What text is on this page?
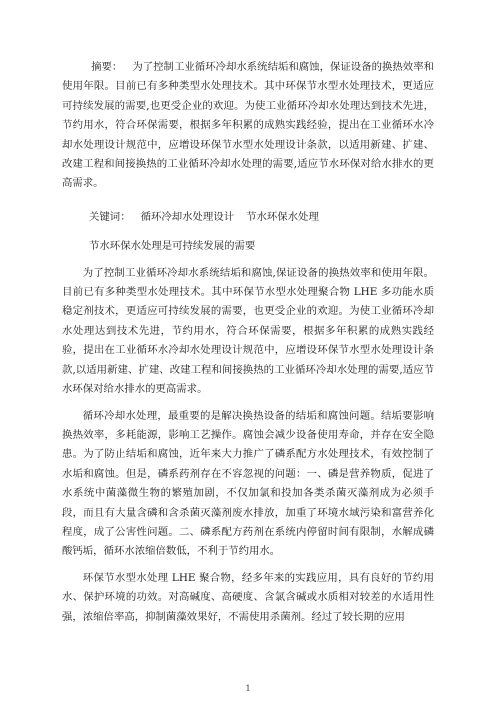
摘要： 为了控制工业循环冷却水系统结垢和腐蚀，保证设备的换热效率和使用年限。目前已有多种类型水处理技术。其中环保节水型水处理技术，更适应可持续发展的需要,也更受企业的欢迎。为使工业循环冷却水处理达到技术先进，节约用水，符合环保需要，根据多年积累的成熟实践经验，提出在工业循环水冷却水处理设计规范中，应增设环保节水型水处理设计条款，以适用新建、扩建、改建工程和间接换热的工业循环冷却水处理的需要,适应节水环保对给水排水的更高需求。

关键词： 循环冷却水处理设计 节水环保水处理

节水环保水处理是可持续发展的需要

为了控制工业循环冷却水系统结垢和腐蚀,保证设备的换热效率和使用年限。目前已有多种类型水处理技术。其中环保节水型水处理聚合物 LHE 多功能水质稳定剂技术，更适应可持续发展的需要，也更受企业的欢迎。为使工业循环冷却水处理达到技术先进，节约用水，符合环保需要，根据多年积累的成熟实践经验，提出在工业循环水冷却水处理设计规范中，应增设环保节水型水处理设计条款,以适用新建、扩建、改建工程和间接换热的工业循环冷却水处理的需要,适应节水环保对给水排水的更高需求。

循环冷却水处理，最重要的是解决换热设备的结垢和腐蚀问题。结垢要影响换热效率，多耗能源，影响工艺操作。腐蚀会减少设备使用寿命，并存在安全隐患。为了防止结垢和腐蚀，近年来大力推广了磷系配方水处理技术，有效控制了水垢和腐蚀。但是，磷系药剂存在不容忽视的问题：一、磷是营养物质，促进了水系统中菌藻微生物的繁殖加剧，不仅加氯和投加各类杀菌灭藻剂成为必须手段，而且有大量含磷和含杀菌灭藻剂废水排放，加重了环境水域污染和富营养化程度，成了公害性问题。二、磷系配方药剂在系统内停留时间有限制，水解成磷酸钙垢，循环水浓缩倍数低，不利于节约用水。

环保节水型水处理 LHE 聚合物，经多年来的实践应用，具有良好的节约用水、保护环境的功效。对高碱度、高硬度、含氯含碱或水质相对较差的水适用性强，浓缩倍率高，抑制菌藻效果好，不需使用杀菌剂。经过了较长期的应用

1
